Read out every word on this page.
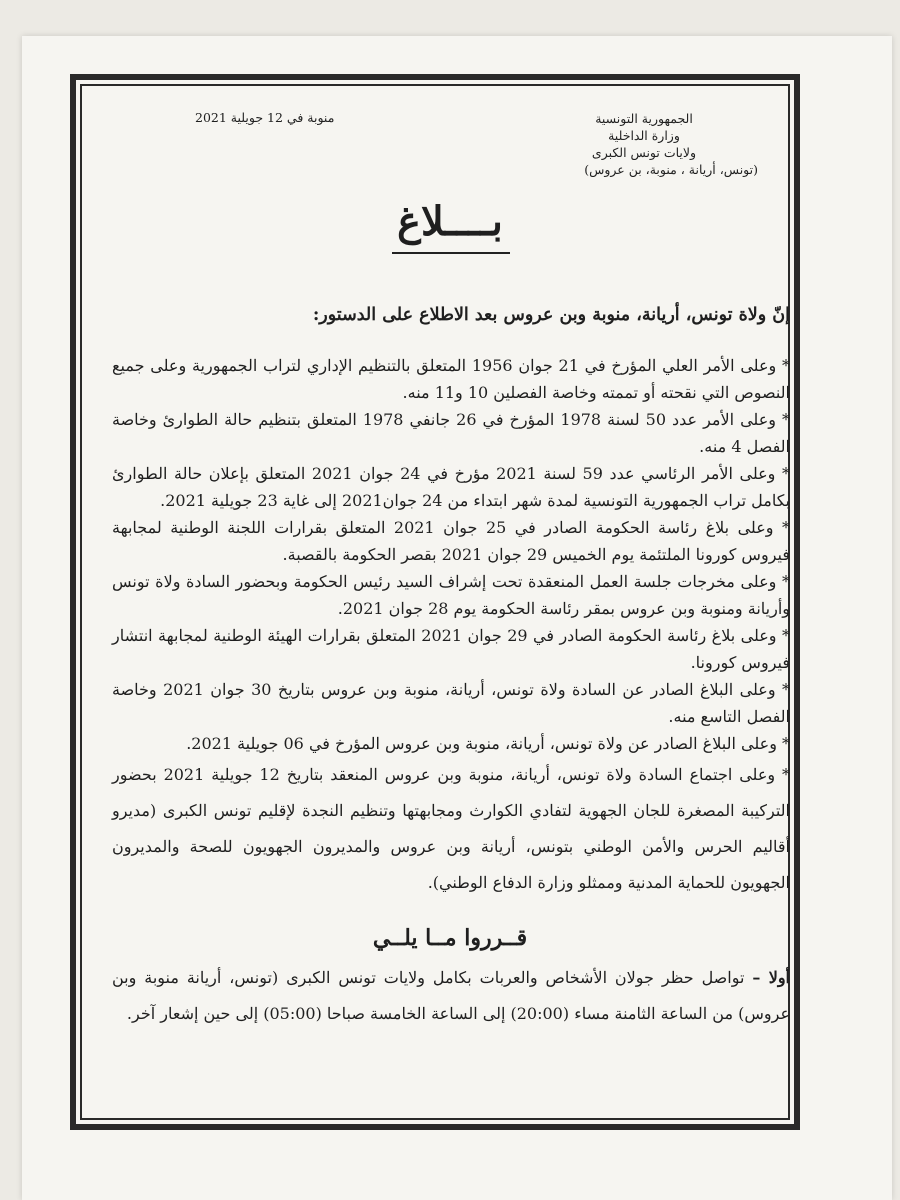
الجمهورية التونسية
وزارة الداخلية
ولايات تونس الكبرى
(تونس، أريانة ، منوبة، بن عروس)
منوبة في 12 جويلية 2021
بــــلاغ
إنّ ولاة تونس، أريانة، منوبة وبن عروس بعد الاطلاع على الدستور:

* وعلى الأمر العلي المؤرخ في 21 جوان 1956 المتعلق بالتنظيم الإداري لتراب الجمهورية وعلى جميع النصوص التي نقحته أو تممته وخاصة الفصلين 10 و11 منه.

* وعلى الأمر عدد 50 لسنة 1978 المؤرخ في 26 جانفي 1978 المتعلق بتنظيم حالة الطوارئ وخاصة الفصل 4 منه.

* وعلى الأمر الرئاسي عدد 59 لسنة 2021 مؤرخ في 24 جوان 2021 المتعلق بإعلان حالة الطوارئ بكامل تراب الجمهورية التونسية لمدة شهر ابتداء من 24 جوان2021 إلى غاية 23 جويلية 2021.

* وعلى بلاغ رئاسة الحكومة الصادر في 25 جوان 2021 المتعلق بقرارات اللجنة الوطنية لمجابهة فيروس كورونا الملتئمة يوم الخميس 29 جوان 2021 بقصر الحكومة بالقصبة.

* وعلى مخرجات جلسة العمل المنعقدة تحت إشراف السيد رئيس الحكومة وبحضور السادة ولاة تونس وأريانة ومنوبة وبن عروس بمقر رئاسة الحكومة يوم 28 جوان 2021.

* وعلى بلاغ رئاسة الحكومة الصادر في 29 جوان 2021 المتعلق بقرارات الهيئة الوطنية لمجابهة انتشار فيروس كورونا.

* وعلى البلاغ الصادر عن السادة ولاة تونس، أريانة، منوبة وبن عروس بتاريخ 30 جوان 2021 وخاصة الفصل التاسع منه.

* وعلى البلاغ الصادر عن ولاة تونس، أريانة، منوبة وبن عروس المؤرخ في 06 جويلية 2021.

* وعلى اجتماع السادة ولاة تونس، أريانة، منوبة وبن عروس المنعقد بتاريخ 12 جويلية 2021 بحضور التركيبة المصغرة للجان الجهوية لتفادي الكوارث ومجابهتها وتنظيم النجدة لإقليم تونس الكبرى (مديرو أقاليم الحرس والأمن الوطني بتونس، أريانة وبن عروس والمديرون الجهويون للصحة والمديرون الجهويون للحماية المدنية وممثلو وزارة الدفاع الوطني).

قــرروا مــا يلــي
أولا – تواصل حظر جولان الأشخاص والعربات بكامل ولايات تونس الكبرى (تونس، أريانة منوبة وبن عروس) من الساعة الثامنة مساء (20:00) إلى الساعة الخامسة صباحا (05:00) إلى حين إشعار آخر.
